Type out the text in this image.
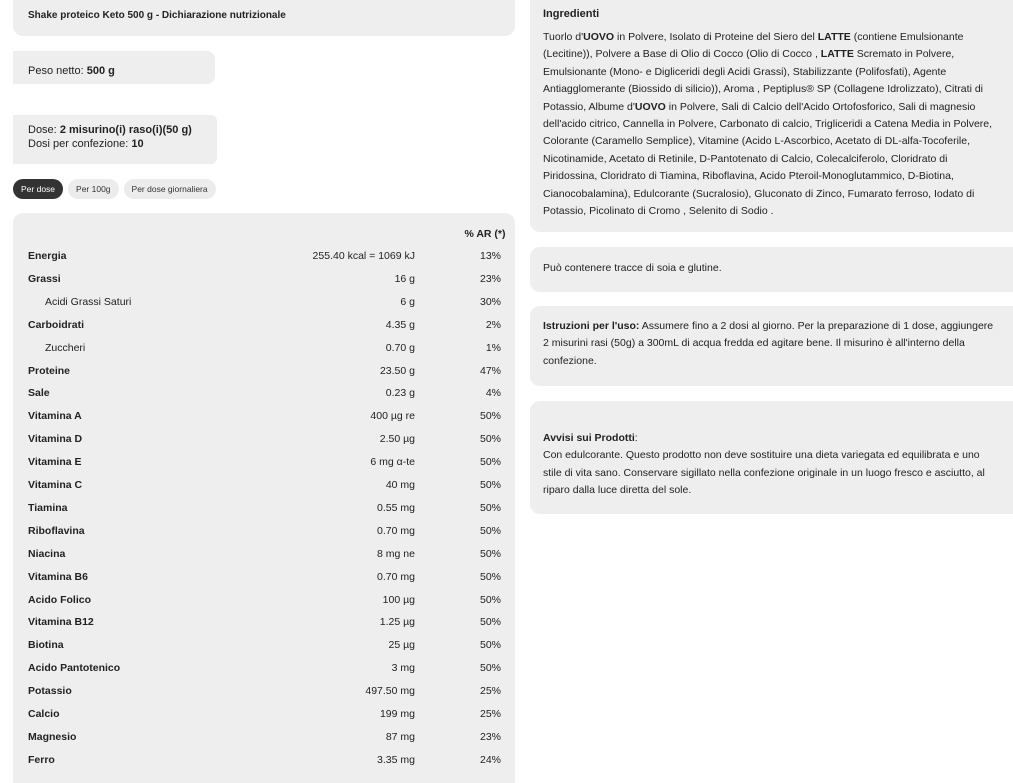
Shake proteico Keto 500 g - Dichiarazione nutrizionale
Peso netto: 500 g
Dose: 2 misurino(i) raso(i)(50 g)
Dosi per confezione: 10
Per dose	Per 100g	Per dose giornaliera
% AR (*)
Energia	255.40 kcal = 1069 kJ	13%
Grassi	16 g	23%
Acidi Grassi Saturi	6 g	30%
Carboidrati	4.35 g	2%
Zuccheri	0.70 g	1%
Proteine	23.50 g	47%
Sale	0.23 g	4%
Vitamina A	400 µg re	50%
Vitamina D	2.50 µg	50%
Vitamina E	6 mg α-te	50%
Vitamina C	40 mg	50%
Tiamina	0.55 mg	50%
Riboflavina	0.70 mg	50%
Niacina	8 mg ne	50%
Vitamina B6	0.70 mg	50%
Acido Folico	100 µg	50%
Vitamina B12	1.25 µg	50%
Biotina	25 µg	50%
Acido Pantotenico	3 mg	50%
Potassio	497.50 mg	25%
Calcio	199 mg	25%
Magnesio	87 mg	23%
Ferro	3.35 mg	24%
Ingredienti

Tuorlo d'UOVO in Polvere, Isolato di Proteine del Siero del LATTE (contiene Emulsionante (Lecitine)), Polvere a Base di Olio di Cocco (Olio di Cocco , LATTE Scremato in Polvere, Emulsionante (Mono- e Digliceridi degli Acidi Grassi), Stabilizzante (Polifosfati), Agente Antiagglomerante (Biossido di silicio)), Aroma , Peptiplus® SP (Collagene Idrolizzato), Citrati di Potassio, Albume d'UOVO in Polvere, Sali di Calcio dell'Acido Ortofosforico, Sali di magnesio dell'acido citrico, Cannella in Polvere, Carbonato di calcio, Trigliceridi a Catena Media in Polvere, Colorante (Caramello Semplice), Vitamine (Acido L-Ascorbico, Acetato di DL-alfa-Tocoferile, Nicotinamide, Acetato di Retinile, D-Pantotenato di Calcio, Colecalciferolo, Cloridrato di Piridossina, Cloridrato di Tiamina, Riboflavina, Acido Pteroil-Monoglutammico, D-Biotina, Cianocobalamina), Edulcorante (Sucralosio), Gluconato di Zinco, Fumarato ferroso, Iodato di Potassio, Picolinato di Cromo , Selenito di Sodio .

Può contenere tracce di soia e glutine.
Istruzioni per l'uso: Assumere fino a 2 dosi al giorno. Per la preparazione di 1 dose, aggiungere 2 misurini rasi (50g) a 300mL di acqua fredda ed agitare bene. Il misurino è all'interno della confezione.
Avvisi sui Prodotti:
Con edulcorante. Questo prodotto non deve sostituire una dieta variegata ed equilibrata e uno stile di vita sano. Conservare sigillato nella confezione originale in un luogo fresco e asciutto, al riparo dalla luce diretta del sole.
